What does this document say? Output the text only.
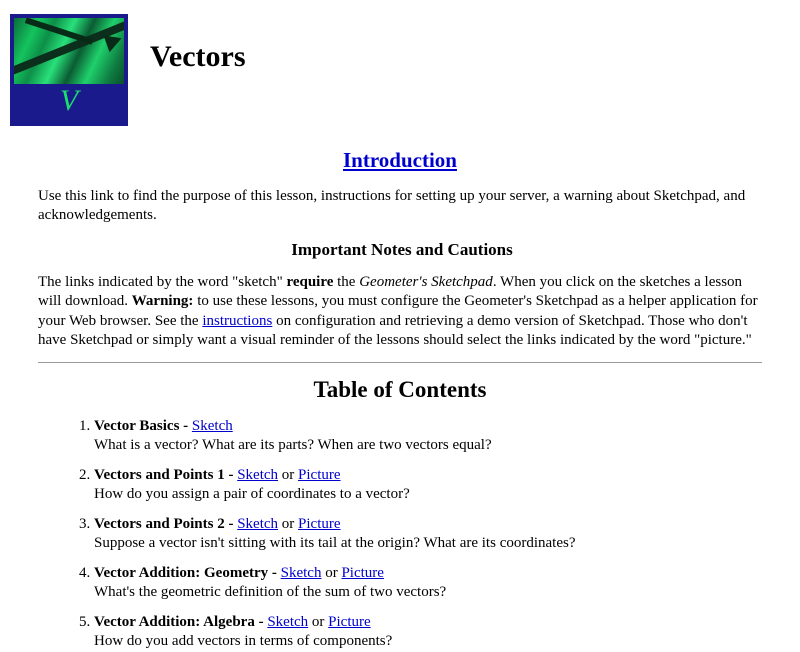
V
Vectors
Introduction

Use this link to find the purpose of this lesson, instructions for setting up your server, a warning about Sketchpad, and acknowledgements.

Important Notes and Cautions

The links indicated by the word "sketch" require the Geometer's Sketchpad. When you click on the sketches a lesson will download. Warning: to use these lessons, you must configure the Geometer's Sketchpad as a helper application for your Web browser. See the instructions on configuration and retrieving a demo version of Sketchpad. Those who don't have Sketchpad or simply want a visual reminder of the lessons should select the links indicated by the word "picture."

Table of Contents
1. Vector Basics - Sketch
What is a vector? What are its parts? When are two vectors equal?
2. Vectors and Points 1 - Sketch or Picture
How do you assign a pair of coordinates to a vector?
3. Vectors and Points 2 - Sketch or Picture
Suppose a vector isn't sitting with its tail at the origin? What are its coordinates?
4. Vector Addition: Geometry - Sketch or Picture
What's the geometric definition of the sum of two vectors?
5. Vector Addition: Algebra - Sketch or Picture
How do you add vectors in terms of components?
